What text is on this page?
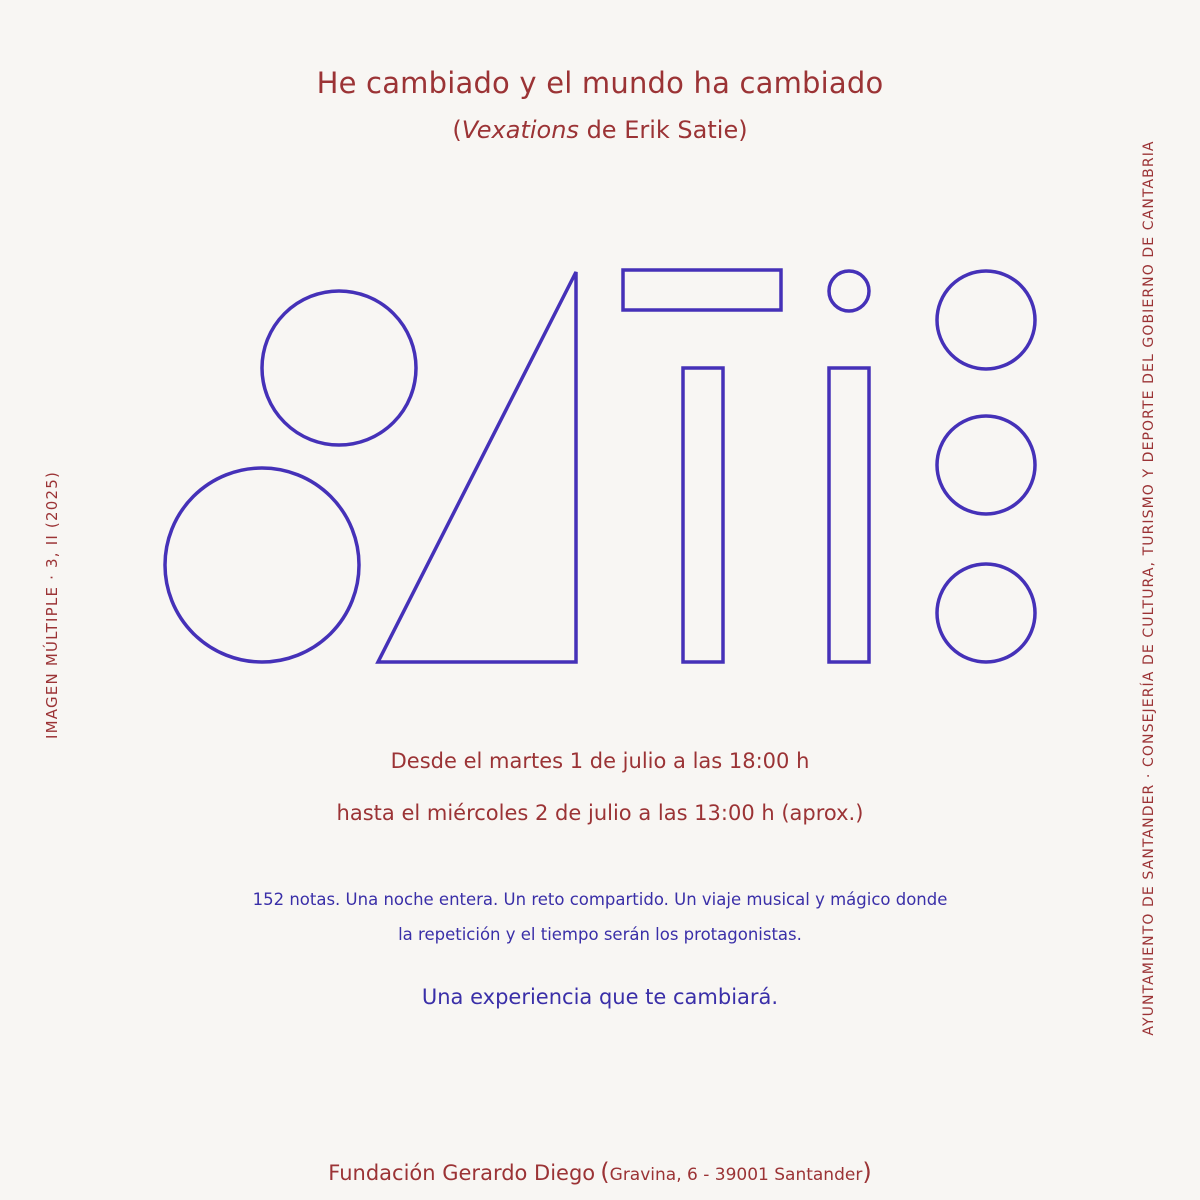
He cambiado y el mundo ha cambiado
(Vexations de Erik Satie)
Desde el martes 1 de julio a las 18:00 h
hasta el miércoles 2 de julio a las 13:00 h (aprox.)
152 notas. Una noche entera. Un reto compartido. Un viaje musical y mágico donde
la repetición y el tiempo serán los protagonistas.
Una experiencia que te cambiará.
Fundación Gerardo Diego (Gravina, 6 - 39001 Santander)
IMAGEN MÚLTIPLE · 3, II (2025)	AYUNTAMIENTO DE SANTANDER · CONSEJERÍA DE CULTURA, TURISMO Y DEPORTE DEL GOBIERNO DE CANTABRIA
